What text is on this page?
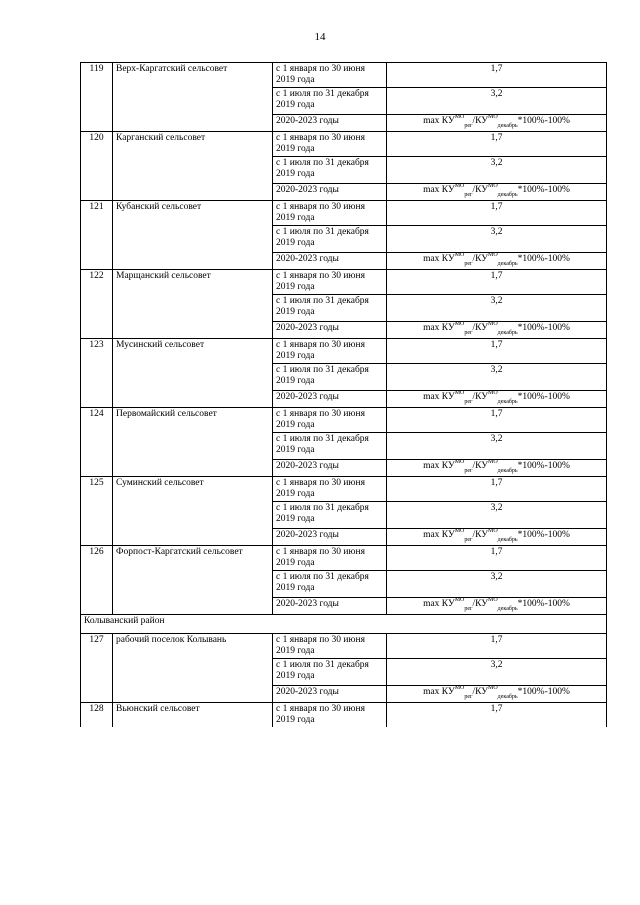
14
119	Верх-Каргатский сельсовет	с 1 января по 30 июня 2019 года	1,7
		с 1 июля по 31 декабря 2019 года	3,2
		2020-2023 годы	$\max КУ^{МО}_{рег}/КУ^{МО}_{декабрь}*100\%-100\%$
120	Карганский сельсовет	с 1 января по 30 июня 2019 года	1,7
		с 1 июля по 31 декабря 2019 года	3,2
		2020-2023 годы	$\max КУ^{МО}_{рег}/КУ^{МО}_{декабрь}*100\%-100\%$
121	Кубанский сельсовет	с 1 января по 30 июня 2019 года	1,7
		с 1 июля по 31 декабря 2019 года	3,2
		2020-2023 годы	$\max КУ^{МО}_{рег}/КУ^{МО}_{декабрь}*100\%-100\%$
122	Марщанский сельсовет	с 1 января по 30 июня 2019 года	1,7
		с 1 июля по 31 декабря 2019 года	3,2
		2020-2023 годы	$\max КУ^{МО}_{рег}/КУ^{МО}_{декабрь}*100\%-100\%$
123	Мусинский сельсовет	с 1 января по 30 июня 2019 года	1,7
		с 1 июля по 31 декабря 2019 года	3,2
		2020-2023 годы	$\max КУ^{МО}_{рег}/КУ^{МО}_{декабрь}*100\%-100\%$
124	Первомайский сельсовет	с 1 января по 30 июня 2019 года	1,7
		с 1 июля по 31 декабря 2019 года	3,2
		2020-2023 годы	$\max КУ^{МО}_{рег}/КУ^{МО}_{декабрь}*100\%-100\%$
125	Суминский сельсовет	с 1 января по 30 июня 2019 года	1,7
		с 1 июля по 31 декабря 2019 года	3,2
		2020-2023 годы	$\max КУ^{МО}_{рег}/КУ^{МО}_{декабрь}*100\%-100\%$
126	Форпост-Каргатский сельсовет	с 1 января по 30 июня 2019 года	1,7
		с 1 июля по 31 декабря 2019 года	3,2
		2020-2023 годы	$\max КУ^{МО}_{рег}/КУ^{МО}_{декабрь}*100\%-100\%$
Колыванский район			
127	рабочий поселок Колывань	с 1 января по 30 июня 2019 года	1,7
		с 1 июля по 31 декабря 2019 года	3,2
		2020-2023 годы	$\max КУ^{МО}_{рег}/КУ^{МО}_{декабрь}*100\%-100\%$
128	Вьюнский сельсовет	с 1 января по 30 июня 2019 года	1,7
